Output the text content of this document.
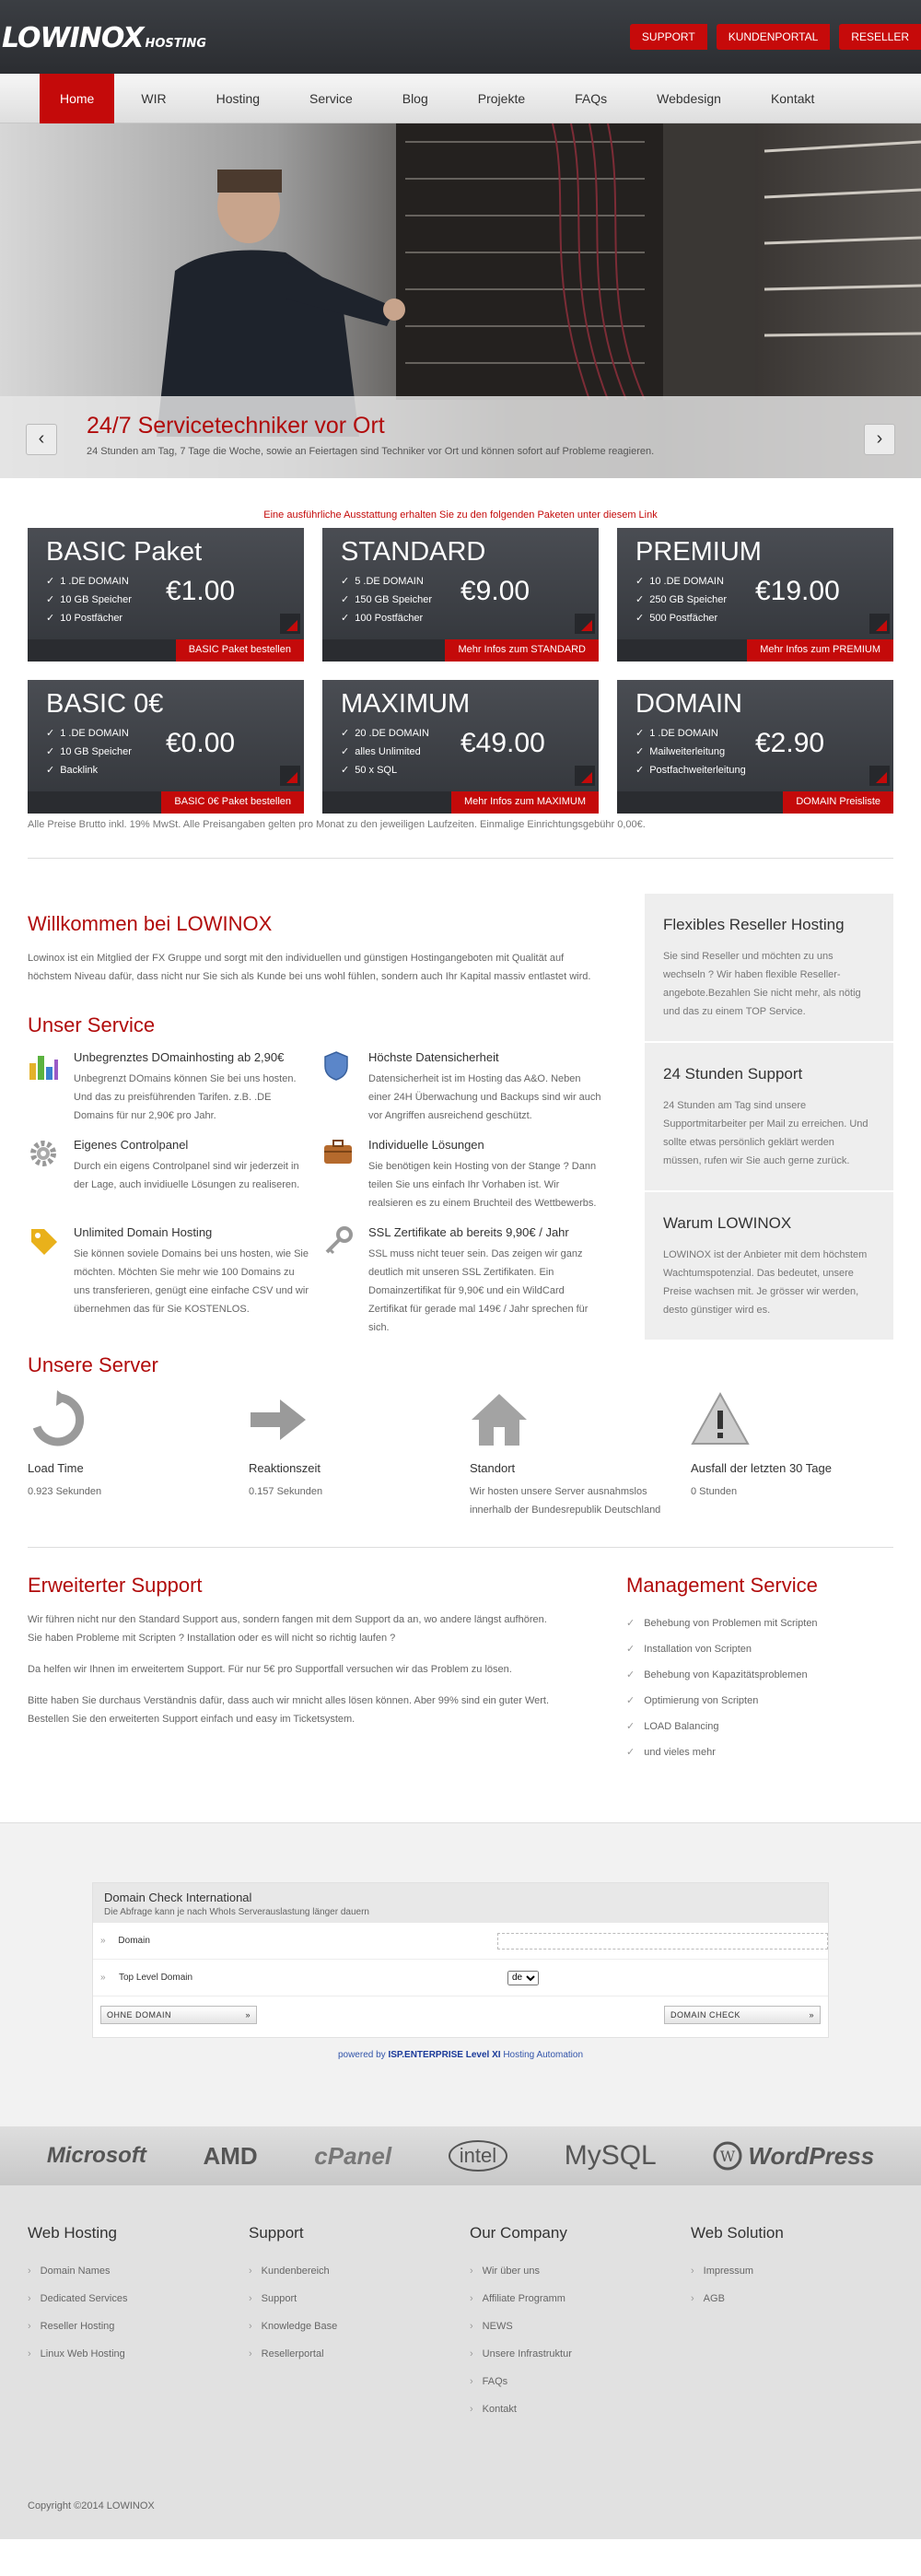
LOWINOX HOSTING	SUPPORT	KUNDENPORTAL	RESELLER
Home	WIR	Hosting	Service	Blog	Projekte	FAQs	Webdesign	Kontakt
24/7 Servicetechniker vor Ort

24 Stunden am Tag, 7 Tage die Woche, sowie an Feiertagen sind Techniker vor Ort und können sofort auf Probleme reagieren.

‹	›
Eine ausführliche Ausstattung erhalten Sie zu den folgenden Paketen unter diesem Link
BASIC Paket
✓ 1 .DE DOMAIN
✓ 10 GB Speicher
✓ 10 Postfächer
€1.00
BASIC Paket bestellen
STANDARD
✓ 5 .DE DOMAIN
✓ 150 GB Speicher
✓ 100 Postfächer
€9.00
Mehr Infos zum STANDARD
PREMIUM
✓ 10 .DE DOMAIN
✓ 250 GB Speicher
✓ 500 Postfächer
€19.00
Mehr Infos zum PREMIUM
BASIC 0€
✓ 1 .DE DOMAIN
✓ 10 GB Speicher
✓ Backlink
€0.00
BASIC 0€ Paket bestellen
MAXIMUM
✓ 20 .DE DOMAIN
✓ alles Unlimited
✓ 50 x SQL
€49.00
Mehr Infos zum MAXIMUM
DOMAIN
✓ 1 .DE DOMAIN
✓ Mailweiterleitung
✓ Postfachweiterleitung
€2.90
DOMAIN Preisliste
Alle Preise Brutto inkl. 19% MwSt. Alle Preisangaben gelten pro Monat zu den jeweiligen Laufzeiten. Einmalige Einrichtungsgebühr 0,00€.
Willkommen bei LOWINOX

Lowinox ist ein Mitglied der FX Gruppe und sorgt mit den individuellen und günstigen Hostingangeboten mit Qualität auf höchstem Niveau dafür, dass nicht nur Sie sich als Kunde bei uns wohl fühlen, sondern auch Ihr Kapital massiv entlastet wird.

Unser Service
Unbegrenztes DOmainhosting ab 2,90€

Unbegrenzt DOmains können Sie bei uns hosten. Und das zu preisführenden Tarifen. z.B. .DE Domains für nur 2,90€ pro Jahr.

Höchste Datensicherheit

Datensicherheit ist im Hosting das A&O. Neben einer 24H Überwachung und Backups sind wir auch vor Angriffen ausreichend geschützt.

Eigenes Controlpanel

Durch ein eigens Controlpanel sind wir jederzeit in der Lage, auch invidiuelle Lösungen zu realiseren.

Individuelle Lösungen

Sie benötigen kein Hosting von der Stange ? Dann teilen Sie uns einfach Ihr Vorhaben ist. Wir realsieren es zu einem Bruchteil des Wettbewerbs.

Unlimited Domain Hosting

Sie können soviele Domains bei uns hosten, wie Sie möchten. Möchten Sie mehr wie 100 Domains zu uns transferieren, genügt eine einfache CSV und wir übernehmen das für Sie KOSTENLOS.

SSL Zertifikate ab bereits 9,90€ / Jahr

SSL muss nicht teuer sein. Das zeigen wir ganz deutlich mit unseren SSL Zertifikaten. Ein Domainzertifikat für 9,90€ und ein WildCard Zertifikat für gerade mal 149€ / Jahr sprechen für sich.

Flexibles Reseller Hosting

Sie sind Reseller und möchten zu uns wechseln ? Wir haben flexible Reseller-angebote.Bezahlen Sie nicht mehr, als nötig und das zu einem TOP Service.

24 Stunden Support

24 Stunden am Tag sind unsere Supportmitarbeiter per Mail zu erreichen. Und sollte etwas persönlich geklärt werden müssen, rufen wir Sie auch gerne zurück.

Warum LOWINOX

LOWINOX ist der Anbieter mit dem höchstem Wachtumspotenzial. Das bedeutet, unsere Preise wachsen mit. Je grösser wir werden, desto günstiger wird es.

Unsere Server
Load Time

0.923 Sekunden

Reaktionszeit

0.157 Sekunden

Standort

Wir hosten unsere Server ausnahmslos innerhalb der Bundesrepublik Deutschland

Ausfall der letzten 30 Tage

0 Stunden

Erweiterter Support

Wir führen nicht nur den Standard Support aus, sondern fangen mit dem Support da an, wo andere längst aufhören. Sie haben Probleme mit Scripten ? Installation oder es will nicht so richtig laufen ?

Da helfen wir Ihnen im erweitertem Support. Für nur 5€ pro Supportfall versuchen wir das Problem zu lösen.

Bitte haben Sie durchaus Verständnis dafür, dass auch wir mnicht alles lösen können. Aber 99% sind ein guter Wert. Bestellen Sie den erweiterten Support einfach und easy im Ticketsystem.

Management Service
✓ Behebung von Problemen mit Scripten
✓ Installation von Scripten
✓ Behebung von Kapazitätsproblemen
✓ Optimierung von Scripten
✓ LOAD Balancing
✓ und vieles mehr
Domain Check International

Die Abfrage kann je nach WhoIs Serverauslastung länger dauern

»	Domain
»	Top Level Domain
de
OHNE DOMAIN	»	DOMAIN CHECK	»
powered by ISP.ENTERPRISE Level XI Hosting Automation
Microsoft AMD cPanel	intel	MySQL	W WordPress
Web Hosting
› Domain Names
› Dedicated Services
› Reseller Hosting
› Linux Web Hosting
Support
› Kundenbereich
› Support
› Knowledge Base
› Resellerportal
Our Company
› Wir über uns
› Affiliate Programm
› NEWS
› Unsere Infrastruktur
› FAQs
› Kontakt
Web Solution
› Impressum
› AGB
Copyright ©2014 LOWINOX
